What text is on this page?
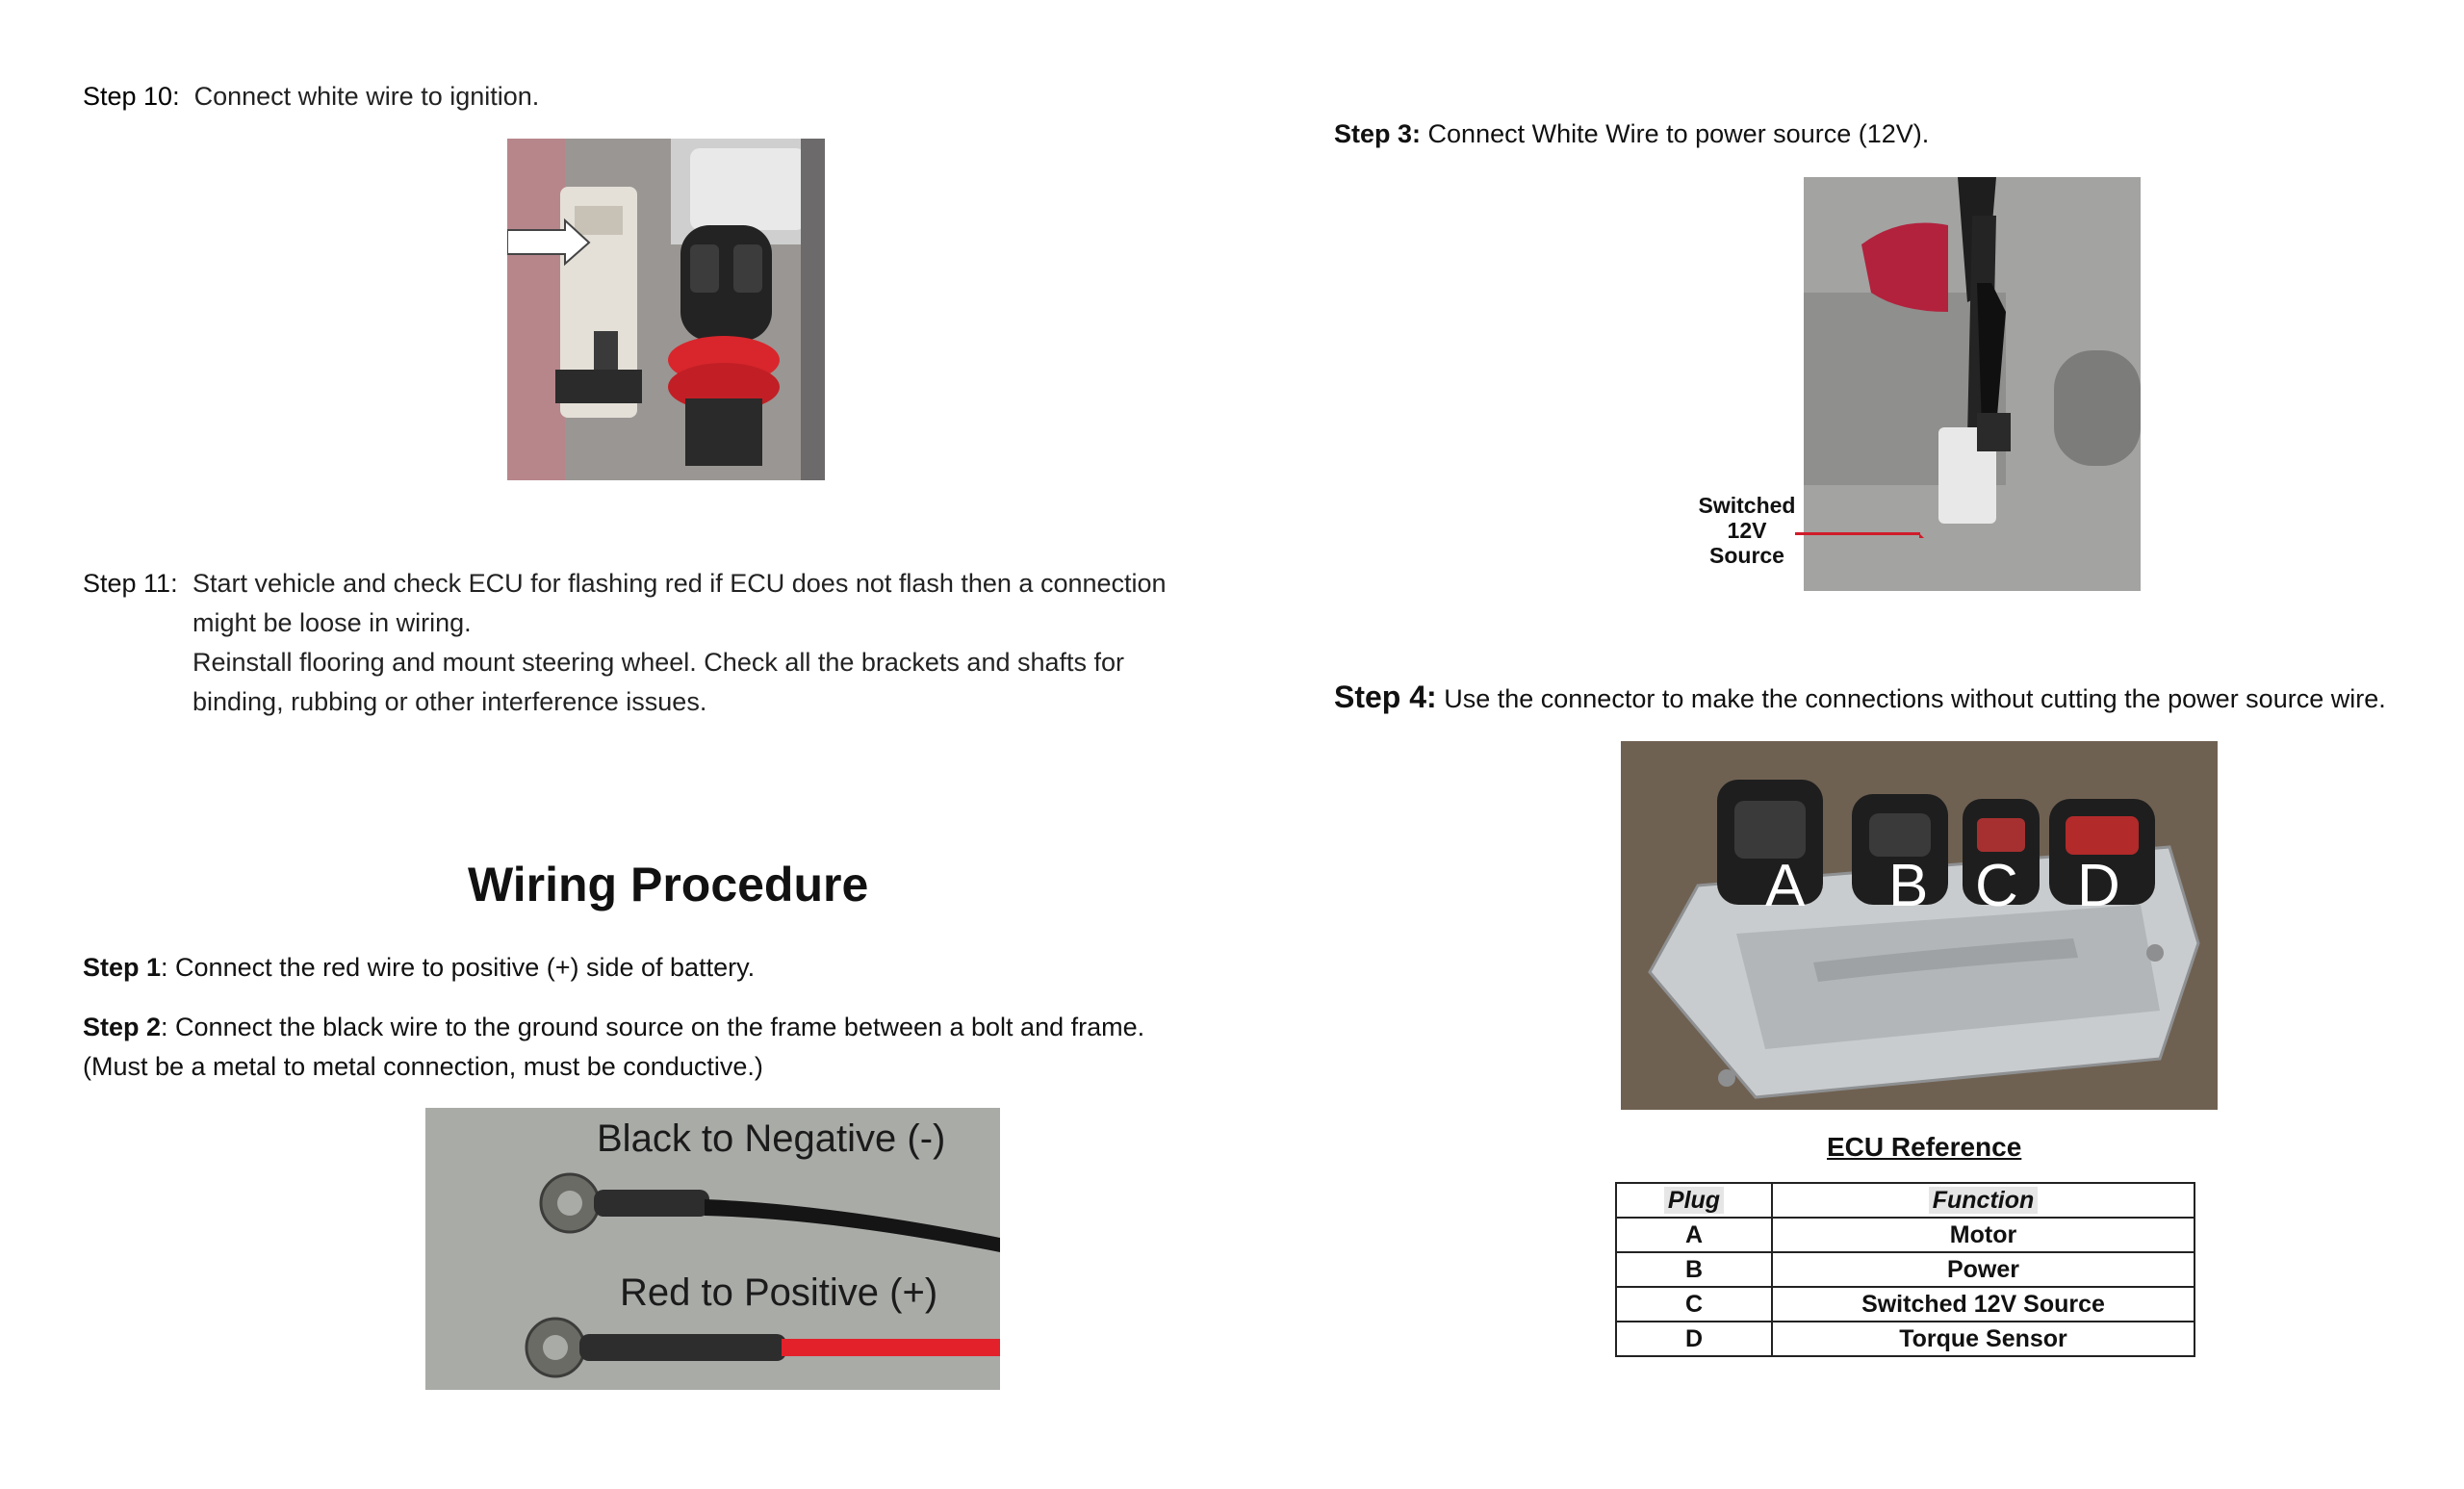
Step 10: Connect white wire to ignition.
Step 11: Start vehicle and check ECU for flashing red if ECU does not flash then a connection
might be loose in wiring.
Reinstall flooring and mount steering wheel. Check all the brackets and shafts for
binding, rubbing or other interference issues.
Wiring Procedure
Step 1: Connect the red wire to positive (+) side of battery.
Step 2: Connect the black wire to the ground source on the frame between a bolt and frame.
(Must be a metal to metal connection, must be conductive.)
Black to Negative (-)
Red to Positive (+)
Step 3: Connect White Wire to power source (12V).
Switched
12V
Source
Step 4: Use the connector to make the connections without cutting the power source wire.
A B C D
ECU Reference
Plug	Function
A	Motor
B	Power
C	Switched 12V Source
D	Torque Sensor
